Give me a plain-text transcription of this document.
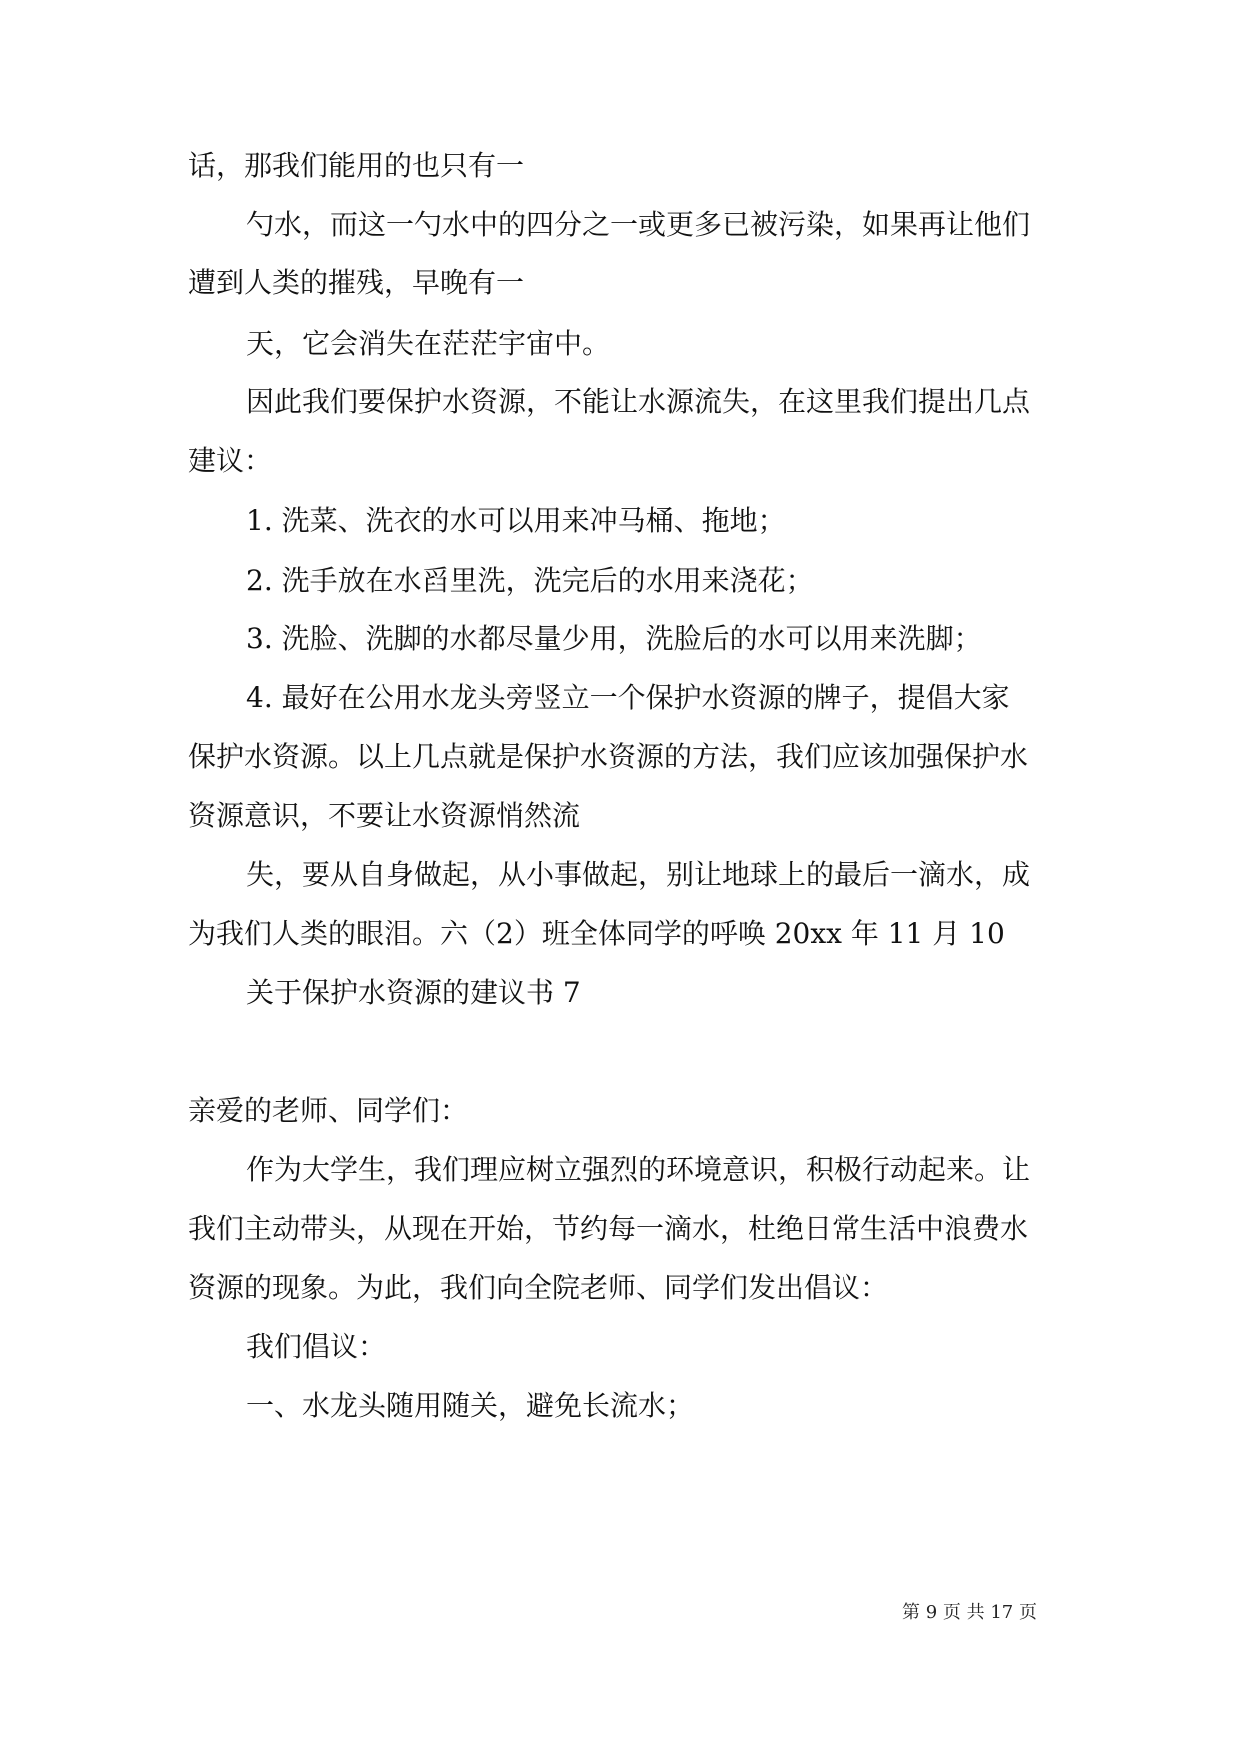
话，那我们能用的也只有一
勺水，而这一勺水中的四分之一或更多已被污染，如果再让他们
遭到人类的摧残，早晚有一
天，它会消失在茫茫宇宙中。
因此我们要保护水资源，不能让水源流失，在这里我们提出几点
建议：
1. 洗菜、洗衣的水可以用来冲马桶、拖地；
2. 洗手放在水舀里洗，洗完后的水用来浇花；
3. 洗脸、洗脚的水都尽量少用，洗脸后的水可以用来洗脚；
4. 最好在公用水龙头旁竖立一个保护水资源的牌子，提倡大家
保护水资源。以上几点就是保护水资源的方法，我们应该加强保护水
资源意识，不要让水资源悄然流
失，要从自身做起，从小事做起，别让地球上的最后一滴水，成
为我们人类的眼泪。六（2）班全体同学的呼唤 20xx 年 11 月 10
关于保护水资源的建议书 7
亲爱的老师、同学们：
作为大学生，我们理应树立强烈的环境意识，积极行动起来。让
我们主动带头，从现在开始，节约每一滴水，杜绝日常生活中浪费水
资源的现象。为此，我们向全院老师、同学们发出倡议：
我们倡议：
一、水龙头随用随关，避免长流水；
第 9 页 共 17 页
